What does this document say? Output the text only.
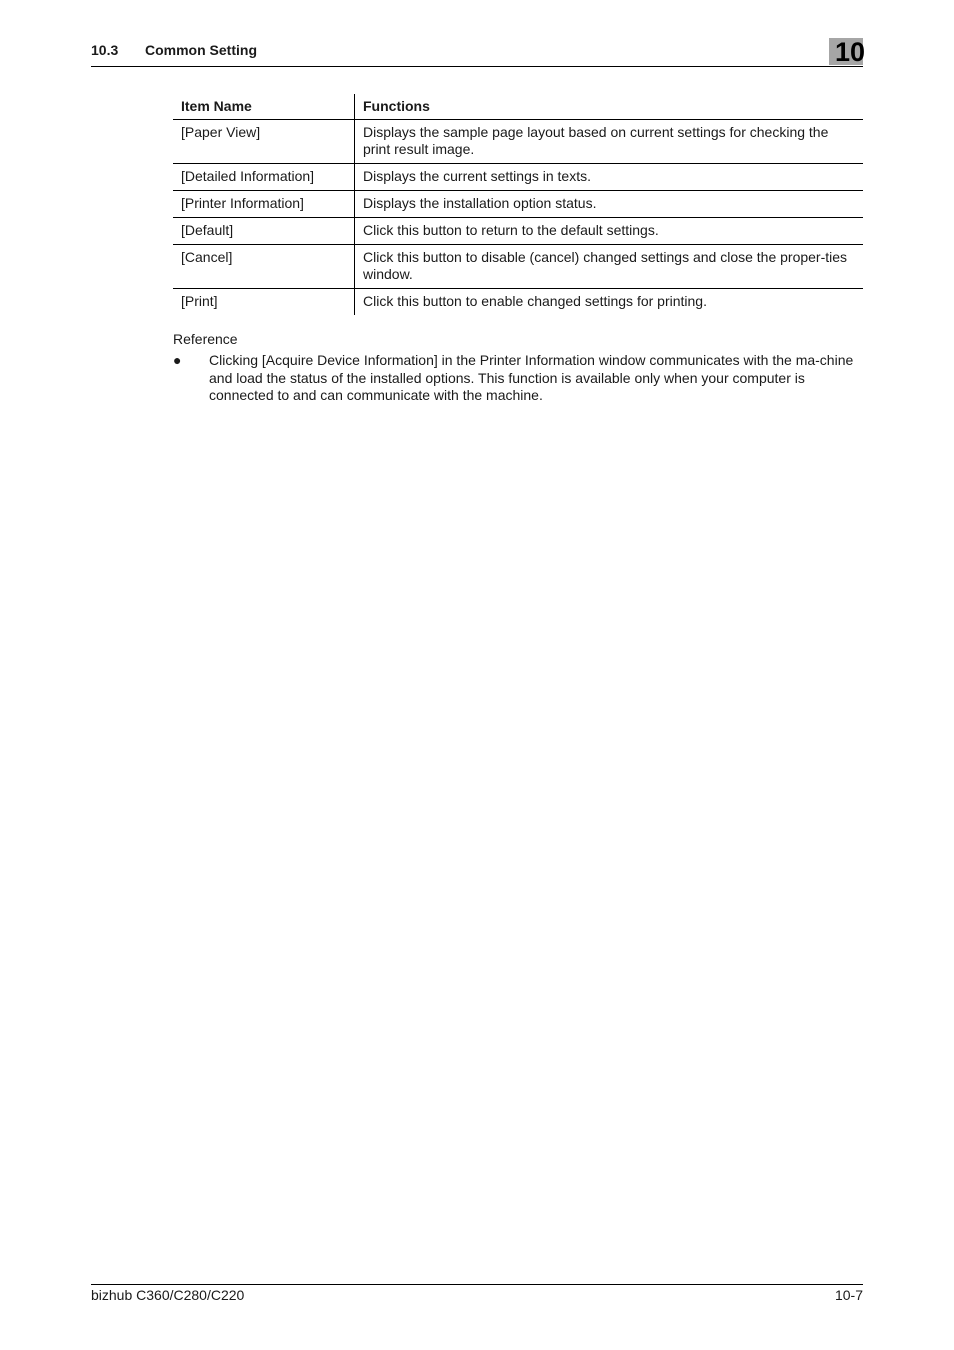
10.3 Common Setting	10
Item Name	Functions
[Paper View]	Displays the sample page layout based on current settings for checking the print result image.
[Detailed Information]	Displays the current settings in texts.
[Printer Information]	Displays the installation option status.
[Default]	Click this button to return to the default settings.
[Cancel]	Click this button to disable (cancel) changed settings and close the proper-ties window.
[Print]	Click this button to enable changed settings for printing.
Reference
● Clicking [Acquire Device Information] in the Printer Information window communicates with the ma-chine and load the status of the installed options. This function is available only when your computer is connected to and can communicate with the machine.
bizhub C360/C280/C220	10-7
